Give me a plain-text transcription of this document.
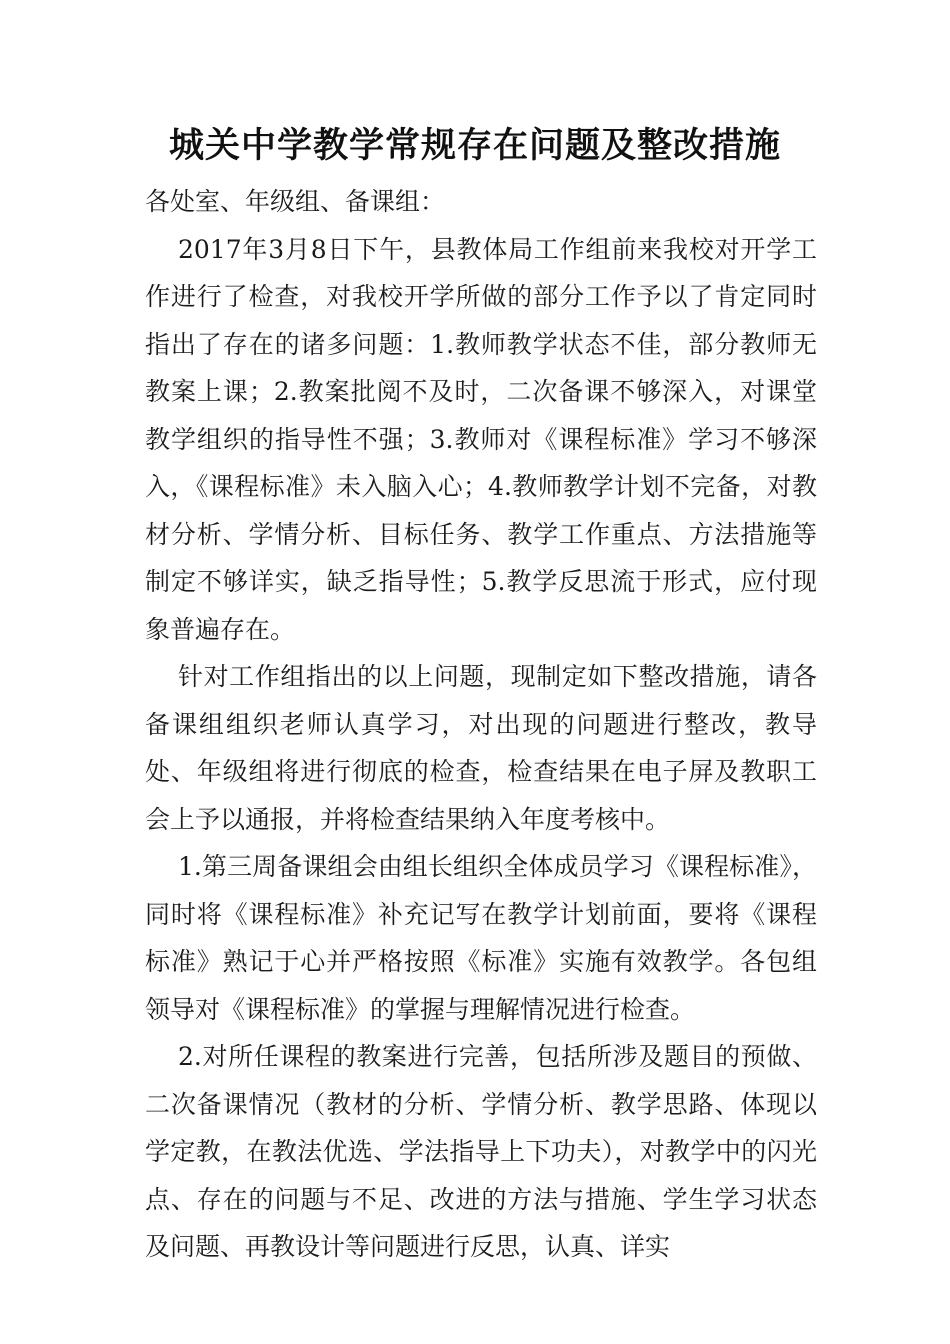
城关中学教学常规存在问题及整改措施

各处室、年级组、备课组：

2017年3月8日下午，县教体局工作组前来我校对开学工作进行了检查，对我校开学所做的部分工作予以了肯定同时指出了存在的诸多问题：1.教师教学状态不佳，部分教师无教案上课；2.教案批阅不及时，二次备课不够深入，对课堂教学组织的指导性不强；3.教师对《课程标准》学习不够深入，《课程标准》未入脑入心；4.教师教学计划不完备，对教材分析、学情分析、目标任务、教学工作重点、方法措施等制定不够详实，缺乏指导性；5.教学反思流于形式，应付现象普遍存在。

针对工作组指出的以上问题，现制定如下整改措施，请各备课组组织老师认真学习，对出现的问题进行整改，教导处、年级组将进行彻底的检查，检查结果在电子屏及教职工会上予以通报，并将检查结果纳入年度考核中。

1.第三周备课组会由组长组织全体成员学习《课程标准》，同时将《课程标准》补充记写在教学计划前面，要将《课程标准》熟记于心并严格按照《标准》实施有效教学。各包组领导对《课程标准》的掌握与理解情况进行检查。

2.对所任课程的教案进行完善，包括所涉及题目的预做、二次备课情况（教材的分析、学情分析、教学思路、体现以学定教，在教法优选、学法指导上下功夫），对教学中的闪光点、存在的问题与不足、改进的方法与措施、学生学习状态及问题、再教设计等问题进行反思，认真、详实
